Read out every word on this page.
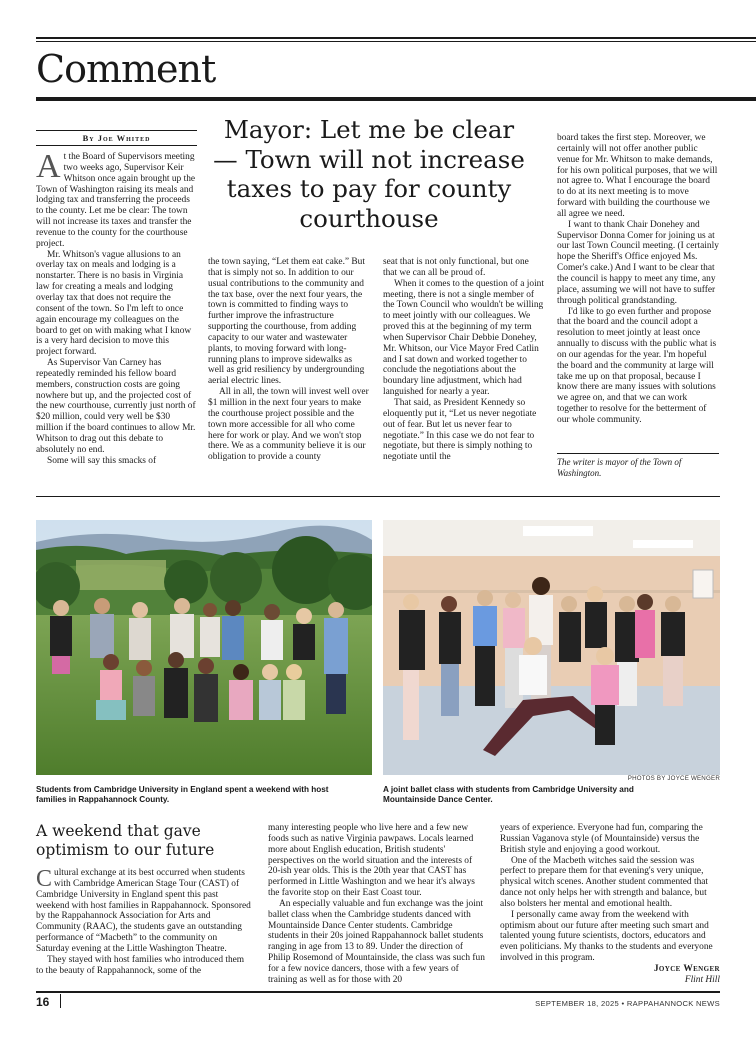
Comment
By Joe Whited	Mayor: Let me be clear — Town will not increase taxes to pay for county courthouse

At the Board of Supervisors meeting two weeks ago, Supervisor Keir Whitson once again brought up the Town of Washington raising its meals and lodging tax and transferring the proceeds to the county. Let me be clear: The town will not increase its taxes and transfer the revenue to the county for the courthouse project.

Mr. Whitson's vague allusions to an overlay tax on meals and lodging is a nonstarter. There is no basis in Virginia law for creating a meals and lodging overlay tax that does not require the consent of the town. So I'm left to once again encourage my colleagues on the board to get on with making what I know is a very hard decision to move this project forward.

As Supervisor Van Carney has repeatedly reminded his fellow board members, construction costs are going nowhere but up, and the projected cost of the new courthouse, currently just north of $20 million, could very well be $30 million if the board continues to allow Mr. Whitson to drag out this debate to absolutely no end.

Some will say this smacks of

the town saying, “Let them eat cake.” But that is simply not so. In addition to our usual contributions to the community and the tax base, over the next four years, the town is committed to finding ways to further improve the infrastructure supporting the courthouse, from adding capacity to our water and wastewater plants, to moving forward with long-running plans to improve sidewalks as well as grid resiliency by undergrounding aerial electric lines.

All in all, the town will invest well over $1 million in the next four years to make the courthouse project possible and the town more accessible for all who come here for work or play. And we won't stop there. We as a community believe it is our obligation to provide a county

seat that is not only functional, but one that we can all be proud of.

When it comes to the question of a joint meeting, there is not a single member of the Town Council who wouldn't be willing to meet jointly with our colleagues. We proved this at the beginning of my term when Supervisor Chair Debbie Donehey, Mr. Whitson, our Vice Mayor Fred Catlin and I sat down and worked together to conclude the negotiations about the boundary line adjustment, which had languished for nearly a year.

That said, as President Kennedy so eloquently put it, “Let us never negotiate out of fear. But let us never fear to negotiate.” In this case we do not fear to negotiate, but there is simply nothing to negotiate until the

board takes the first step. Moreover, we certainly will not offer another public venue for Mr. Whitson to make demands, for his own political purposes, that we will not agree to. What I encourage the board to do at its next meeting is to move forward with building the courthouse we all agree we need.

I want to thank Chair Donehey and Supervisor Donna Comer for joining us at our last Town Council meeting. (I certainly hope the Sheriff's Office enjoyed Ms. Comer's cake.) And I want to be clear that the council is happy to meet any time, any place, assuming we will not have to suffer through political grandstanding.

I'd like to go even further and propose that the board and the council adopt a resolution to meet jointly at least once annually to discuss with the public what is on our agendas for the year. I'm hopeful the board and the community at large will take me up on that proposal, because I know there are many issues with solutions we agree on, and that we can work together to resolve for the betterment of our whole community.

The writer is mayor of the Town of Washington.
PHOTOS BY JOYCE WENGER
Students from Cambridge University in England spent a weekend with host families in Rappahannock County.
A joint ballet class with students from Cambridge University and Mountainside Dance Center.
A weekend that gave optimism to our future

Cultural exchange at its best occurred when students with Cambridge American Stage Tour (CAST) of Cambridge University in England spent this past weekend with host families in Rappahannock. Sponsored by the Rappahannock Association for Arts and Community (RAAC), the students gave an outstanding performance of “Macbeth” to the community on Saturday evening at the Little Washington Theatre.

They stayed with host families who introduced them to the beauty of Rappahannock, some of the

many interesting people who live here and a few new foods such as native Virginia pawpaws. Locals learned more about English education, British students' perspectives on the world situation and the interests of 20-ish year olds. This is the 20th year that CAST has performed in Little Washington and we hear it's always the favorite stop on their East Coast tour.

An especially valuable and fun exchange was the joint ballet class when the Cambridge students danced with Mountainside Dance Center students. Cambridge students in their 20s joined Rappahannock ballet students ranging in age from 13 to 89. Under the direction of Philip Rosemond of Mountainside, the class was such fun for a few novice dancers, those with a few years of training as well as for those with 20

years of experience. Everyone had fun, comparing the Russian Vaganova style (of Mountainside) versus the British style and enjoying a good workout.

One of the Macbeth witches said the session was perfect to prepare them for that evening's very unique, physical witch scenes. Another student commented that dance not only helps her with strength and balance, but also bolsters her mental and emotional health.

I personally came away from the weekend with optimism about our future after meeting such smart and talented young future scientists, doctors, educators and even politicians. My thanks to the students and everyone involved in this program.

Joyce Wenger

Flint Hill

16	SEPTEMBER 18, 2025 • RAPPAHANNOCK NEWS
